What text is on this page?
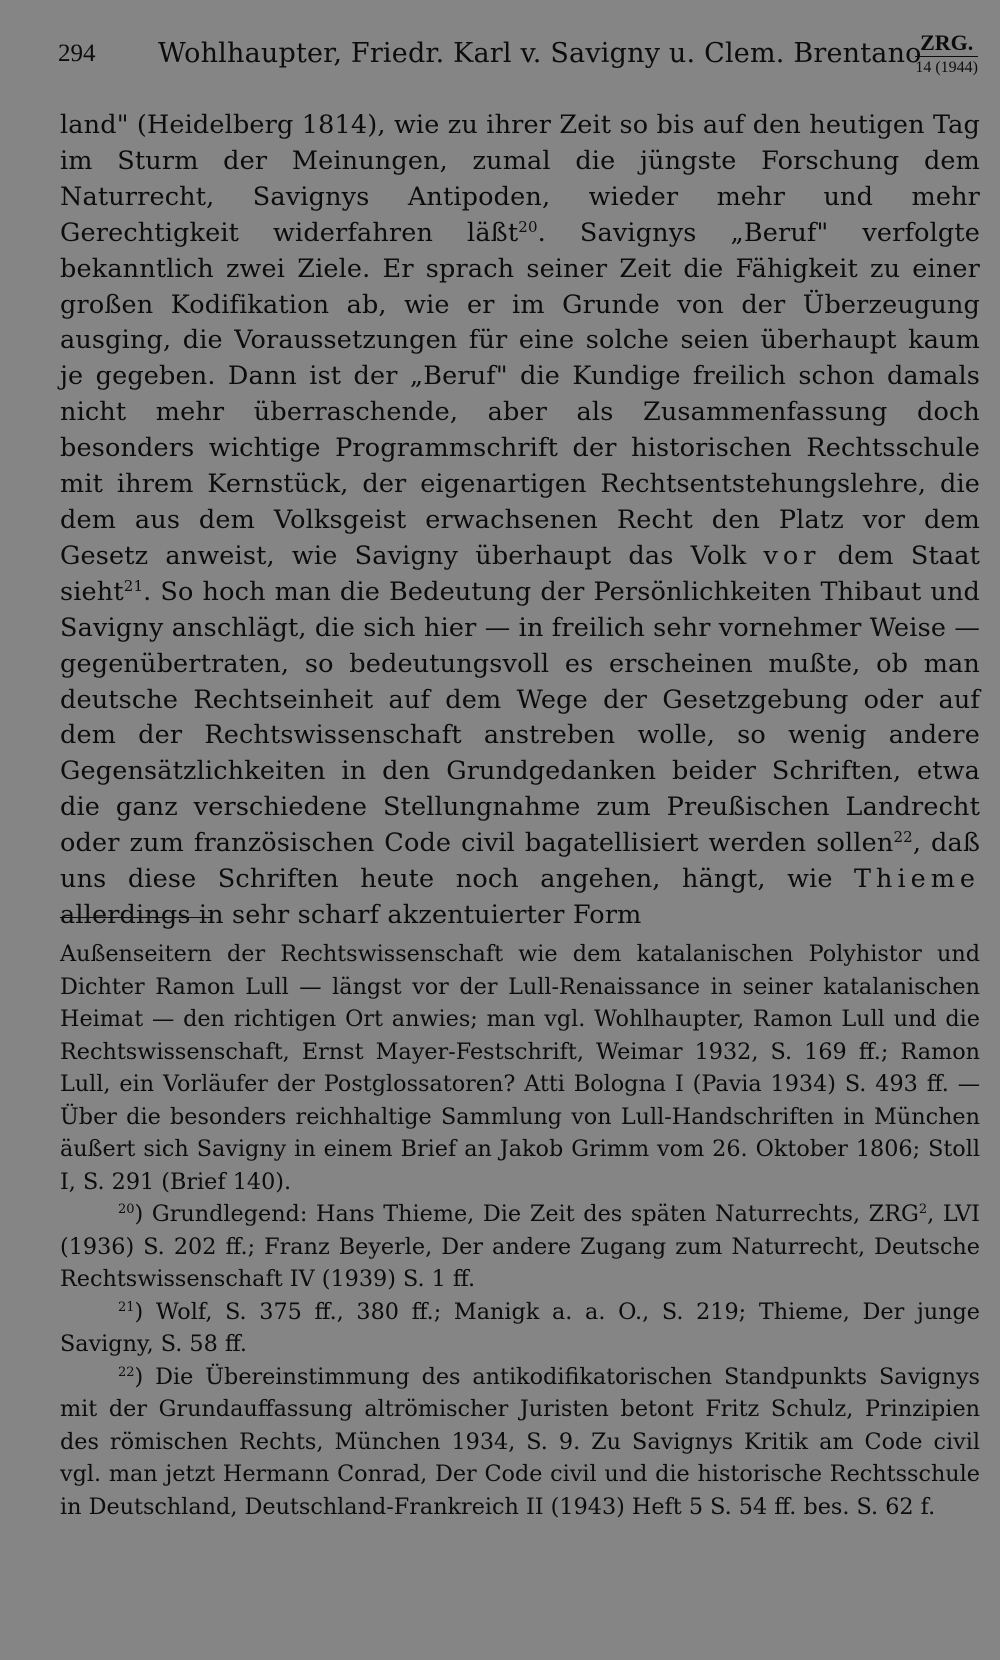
294 Wohlhaupter, Friedr. Karl v. Savigny u. Clem. Brentano
ZRG.
14 (1944)

land" (Heidelberg 1814), wie zu ihrer Zeit so bis auf den heutigen Tag im Sturm der Meinungen, zumal die jüngste Forschung dem Naturrecht, Savignys Antipoden, wieder mehr und mehr Gerechtigkeit widerfahren läßt$^{20}$. Savignys „Beruf" verfolgte bekanntlich zwei Ziele. Er sprach seiner Zeit die Fähigkeit zu einer großen Kodifikation ab, wie er im Grunde von der Überzeugung ausging, die Voraussetzungen für eine solche seien überhaupt kaum je gegeben. Dann ist der „Beruf" die Kundige freilich schon damals nicht mehr überraschende, aber als Zusammenfassung doch besonders wichtige Programmschrift der historischen Rechtsschule mit ihrem Kernstück, der eigenartigen Rechtsentstehungslehre, die dem aus dem Volksgeist erwachsenen Recht den Platz vor dem Gesetz anweist, wie Savigny überhaupt das Volk vor dem Staat sieht$^{21}$. So hoch man die Bedeutung der Persönlichkeiten Thibaut und Savigny anschlägt, die sich hier — in freilich sehr vornehmer Weise — gegenübertraten, so bedeutungsvoll es erscheinen mußte, ob man deutsche Rechtseinheit auf dem Wege der Gesetzgebung oder auf dem der Rechtswissenschaft anstreben wolle, so wenig andere Gegensätzlichkeiten in den Grundgedanken beider Schriften, etwa die ganz verschiedene Stellungnahme zum Preußischen Landrecht oder zum französischen Code civil bagatellisiert werden sollen$^{22}$, daß uns diese Schriften heute noch angehen, hängt, wie Thieme allerdings in sehr scharf akzentuierter Form

Außenseitern der Rechtswissenschaft wie dem katalanischen Polyhistor und Dichter Ramon Lull — längst vor der Lull-Renaissance in seiner katalanischen Heimat — den richtigen Ort anwies; man vgl. Wohlhaupter, Ramon Lull und die Rechtswissenschaft, Ernst Mayer-Festschrift, Weimar 1932, S. 169 ff.; Ramon Lull, ein Vorläufer der Postglossatoren? Atti Bologna I (Pavia 1934) S. 493 ff. — Über die besonders reichhaltige Sammlung von Lull-Handschriften in München äußert sich Savigny in einem Brief an Jakob Grimm vom 26. Oktober 1806; Stoll I, S. 291 (Brief 140).

$^{20}$) Grundlegend: Hans Thieme, Die Zeit des späten Naturrechts, ZRG$^2$, LVI (1936) S. 202 ff.; Franz Beyerle, Der andere Zugang zum Naturrecht, Deutsche Rechtswissenschaft IV (1939) S. 1 ff.

$^{21}$) Wolf, S. 375 ff., 380 ff.; Manigk a. a. O., S. 219; Thieme, Der junge Savigny, S. 58 ff.

$^{22}$) Die Übereinstimmung des antikodifikatorischen Standpunkts Savignys mit der Grundauffassung altrömischer Juristen betont Fritz Schulz, Prinzipien des römischen Rechts, München 1934, S. 9. Zu Savignys Kritik am Code civil vgl. man jetzt Hermann Conrad, Der Code civil und die historische Rechtsschule in Deutschland, Deutschland-Frankreich II (1943) Heft 5 S. 54 ff. bes. S. 62 f.
